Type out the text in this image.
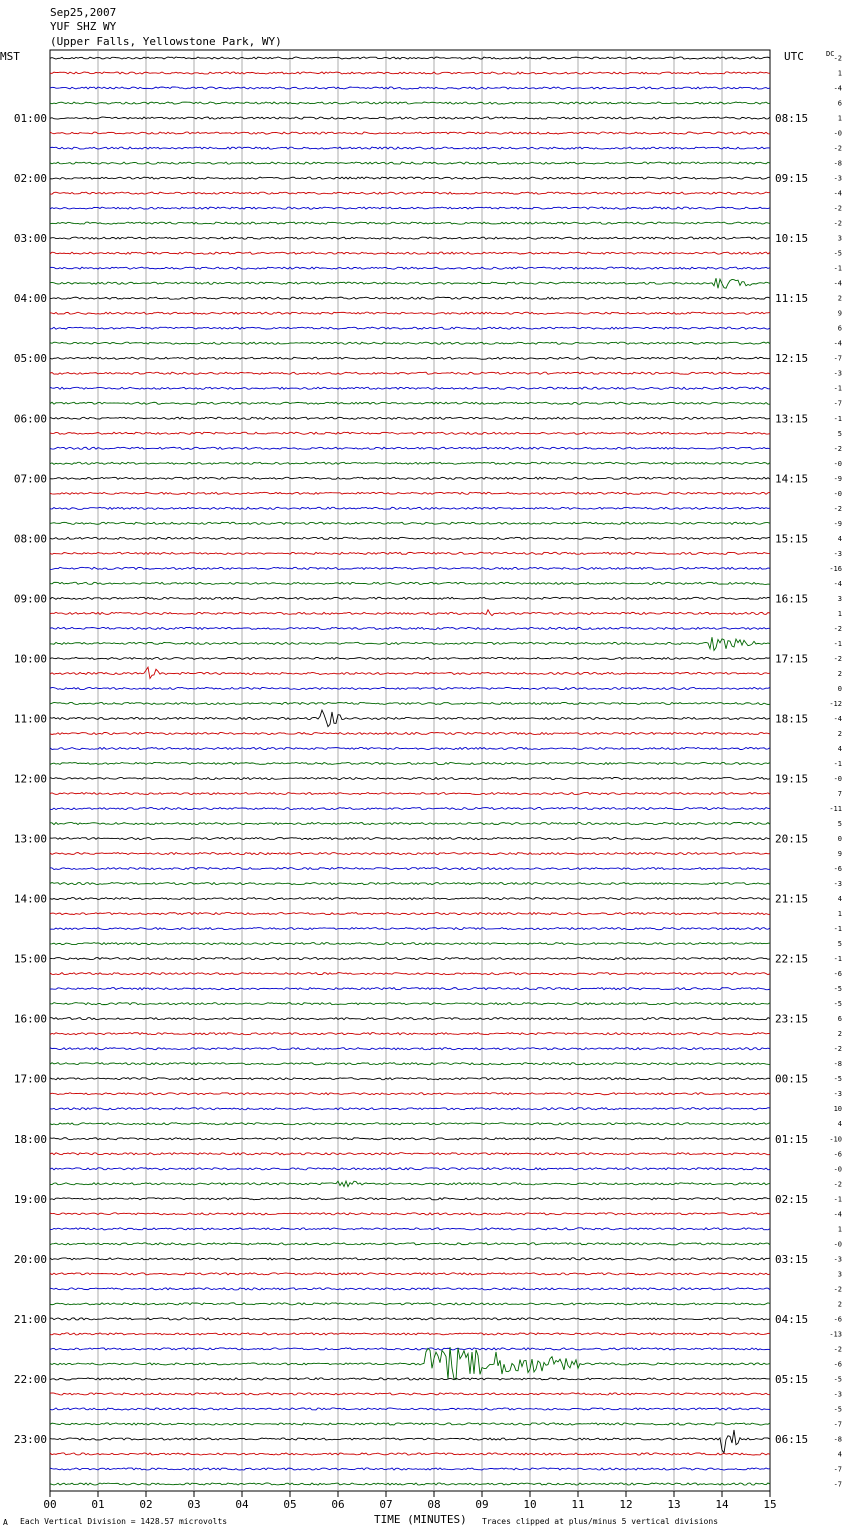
Sep25,2007
YUF SHZ WY
(Upper Falls, Yellowstone Park, WY)
MST	UTC	DC
00	01	02	03	04	05	06	07	08	09	10	11	12	13	14	15
-2
1
-4
6
1
-0
-2
-8
-3
-4
-2
-2
3
-5
-1
-4
2
9
6
-4
-7
-3
-1
-7
-1
5
-2
-0
-9
-0
-2
-9
4
-3
-16
-4
3
1
-2
-1
-2
2
0
-12
-4
2
4
-1
-0
7
-11
5
0
9
-6
-3
4
1
-1
5
-1
-6
-5
-5
6
2
-2
-8
-5
-3
10
4
-10
-6
-0
-2
-1
-4
1
-0
-3
3
-2
2
-6
-13
-2
-6
-5
-3
-5
-7
-8
4
-7
-7
01:00	08:15
02:00	09:15
03:00	10:15
04:00	11:15
05:00	12:15
06:00	13:15
07:00	14:15
08:00	15:15
09:00	16:15
10:00	17:15
11:00	18:15
12:00	19:15
13:00	20:15
14:00	21:15
15:00	22:15
16:00	23:15
17:00	00:15
18:00	01:15
19:00	02:15
20:00	03:15
21:00	04:15
22:00	05:15
23:00	06:15
A Each Vertical Division = 1428.57 microvolts	TIME (MINUTES) Traces clipped at plus/minus 5 vertical divisions
